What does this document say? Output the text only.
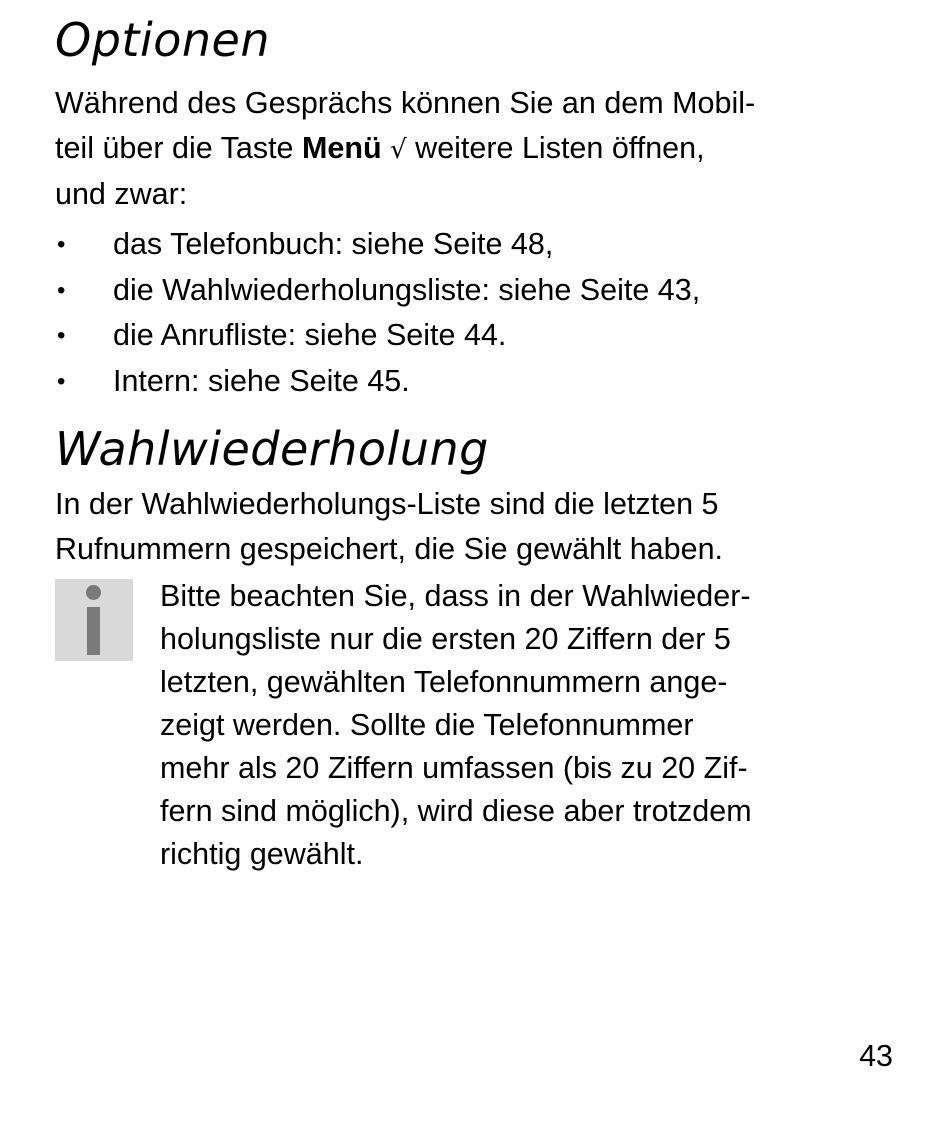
Optionen

Während des Gesprächs können Sie an dem Mobil-
teil über die Taste Menü √ weitere Listen öffnen,
und zwar:

•	das Telefonbuch: siehe Seite 48,
•	die Wahlwiederholungsliste: siehe Seite 43,
•	die Anrufliste: siehe Seite 44.
•	Intern: siehe Seite 45.
Wahlwiederholung

In der Wahlwiederholungs-Liste sind die letzten 5
Rufnummern gespeichert, die Sie gewählt haben.

Bitte beachten Sie, dass in der Wahlwieder-
holungsliste nur die ersten 20 Ziffern der 5
letzten, gewählten Telefonnummern ange-
zeigt werden. Sollte die Telefonnummer
mehr als 20 Ziffern umfassen (bis zu 20 Zif-
fern sind möglich), wird diese aber trotzdem
richtig gewählt.

43
